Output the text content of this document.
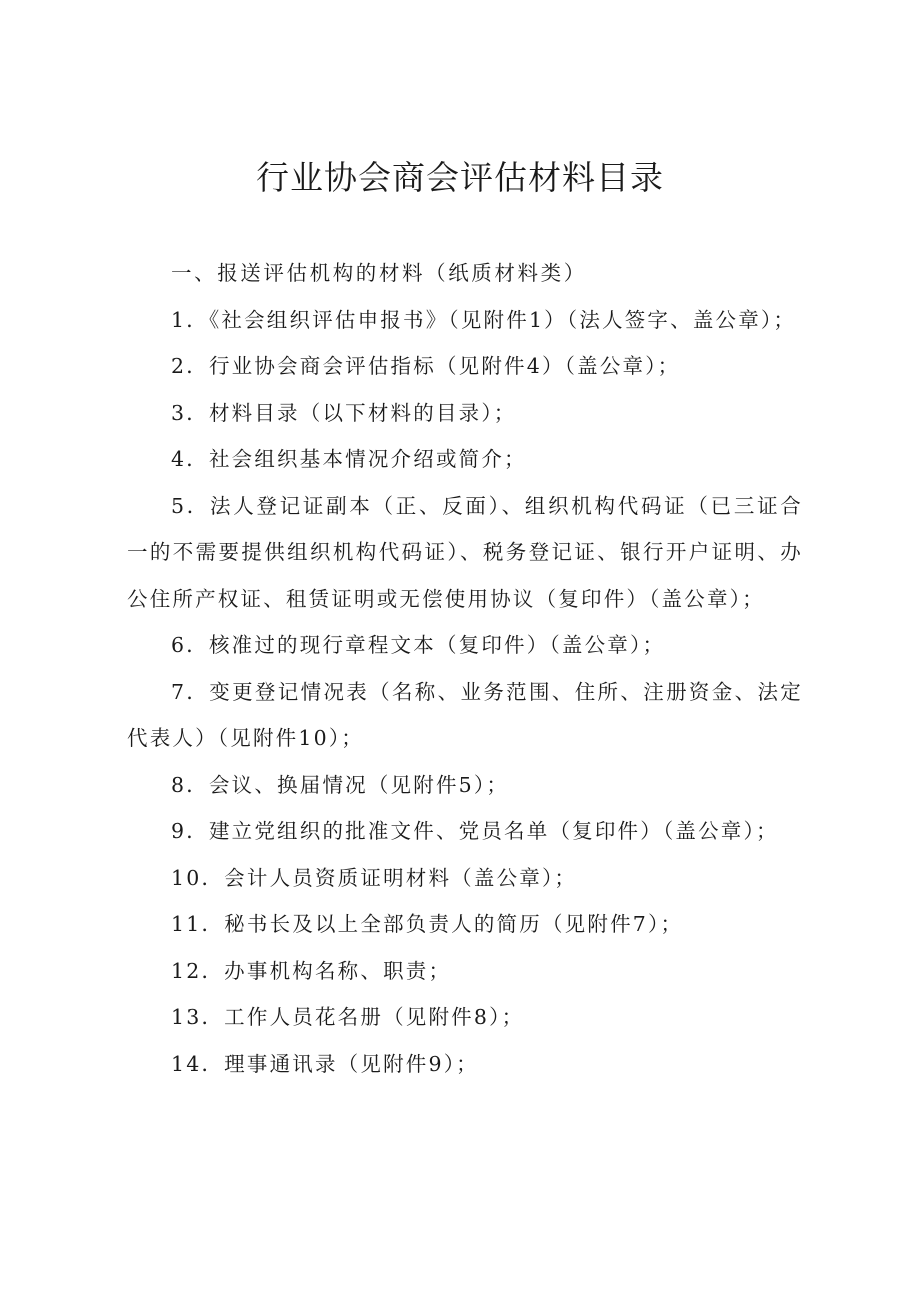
行业协会商会评估材料目录

一、报送评估机构的材料（纸质材料类）

1．《社会组织评估申报书》（见附件1）（法人签字、盖公章）；

2．行业协会商会评估指标（见附件4）（盖公章）；

3．材料目录（以下材料的目录）；

4．社会组织基本情况介绍或简介；

5．法人登记证副本（正、反面）、组织机构代码证（已三证合一的不需要提供组织机构代码证）、税务登记证、银行开户证明、办公住所产权证、租赁证明或无偿使用协议（复印件）（盖公章）；

6．核准过的现行章程文本（复印件）（盖公章）；

7．变更登记情况表（名称、业务范围、住所、注册资金、法定代表人）（见附件10）；

8．会议、换届情况（见附件5）；

9．建立党组织的批准文件、党员名单（复印件）（盖公章）；

10．会计人员资质证明材料（盖公章）；

11．秘书长及以上全部负责人的简历（见附件7）；

12．办事机构名称、职责；

13．工作人员花名册（见附件8）；

14．理事通讯录（见附件9）；
